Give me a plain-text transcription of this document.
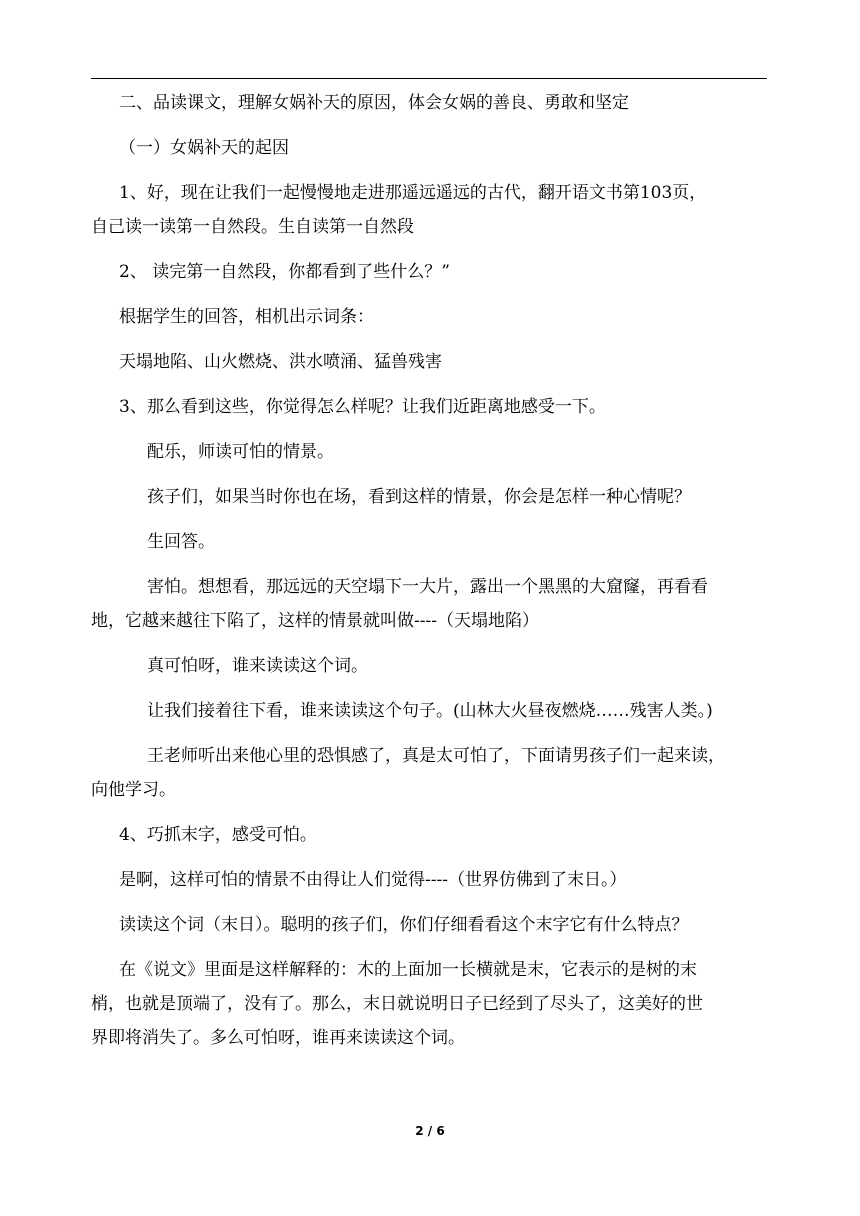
二、品读课文，理解女娲补天的原因，体会女娲的善良、勇敢和坚定

（一）女娲补天的起因

1、好，现在让我们一起慢慢地走进那遥远遥远的古代，翻开语文书第103页，

自己读一读第一自然段。生自读第一自然段

2、 读完第一自然段，你都看到了些什么？”

根据学生的回答，相机出示词条：

天塌地陷、山火燃烧、洪水喷涌、猛兽残害

3、那么看到这些，你觉得怎么样呢？让我们近距离地感受一下。

配乐，师读可怕的情景。

孩子们，如果当时你也在场，看到这样的情景，你会是怎样一种心情呢？

生回答。

害怕。想想看，那远远的天空塌下一大片，露出一个黑黑的大窟窿，再看看

地，它越来越往下陷了，这样的情景就叫做----（天塌地陷）

真可怕呀，谁来读读这个词。

让我们接着往下看，谁来读读这个句子。(山林大火昼夜燃烧……残害人类。)

王老师听出来他心里的恐惧感了，真是太可怕了，下面请男孩子们一起来读，

向他学习。

4、巧抓末字，感受可怕。

是啊，这样可怕的情景不由得让人们觉得----（世界仿佛到了末日。）

读读这个词（末日）。聪明的孩子们，你们仔细看看这个末字它有什么特点？

在《说文》里面是这样解释的：木的上面加一长横就是末，它表示的是树的末

梢，也就是顶端了，没有了。那么，末日就说明日子已经到了尽头了，这美好的世

界即将消失了。多么可怕呀，谁再来读读这个词。

2 / 6
